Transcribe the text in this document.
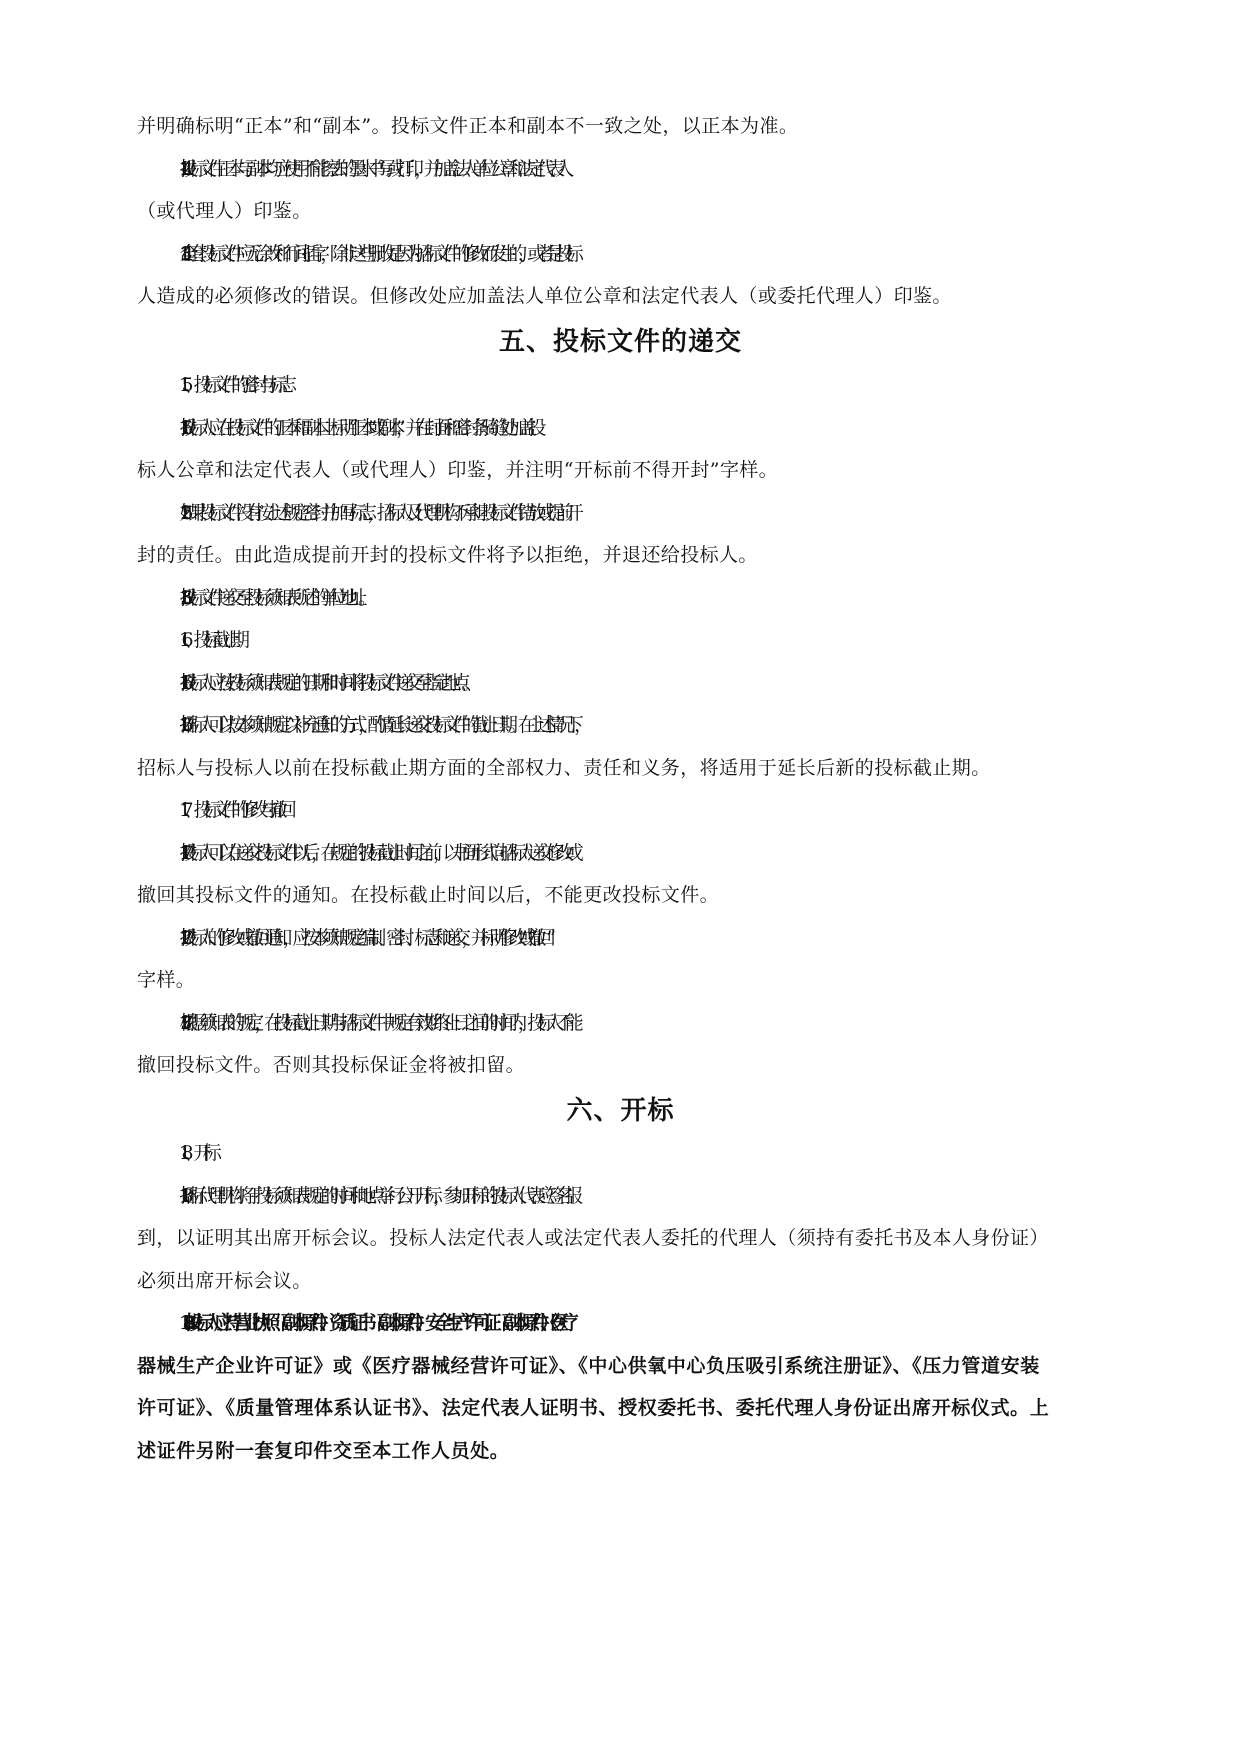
并明确标明“正本”和“副本”。投标文件正本和副本不一致之处，以正本为准。
14.2 投标文件正本与副本均应使用不能擦去的墨水书写或打印，并加盖法人单位公章和法定代表人
（或代理人）印鉴。
14.3 全套投标文件应无涂改和行间插字，除非这些删改是因为招标文件的修改而发生的，或者是投标
人造成的必须修改的错误。但修改处应加盖法人单位公章和法定代表人（或委托代理人）印鉴。
五、投标文件的递交
15、投标文件的密封与标志
15.1 投标人应在投标文件的正本和副本上标明“正本”或“副本”，并在封面和密封条骑缝处加盖投
标人公章和法定代表人（或代理人）印鉴，并注明“开标前不得开封”字样。
15.2 如果投标文件没有按上述规定密封并加写标志，招标人及代理机构不承担投标文件错放或提前开
封的责任。由此造成提前开封的投标文件将予以拒绝，并退还给投标人。
15.3 投标文件递交至投标须知表所述的单位地址。
16、投标截止期
16.1 投标人应按投标须知表规定的日期和时间将投标文件递交至指定地点。
16.2 招标人可以按本须知规定以补充通知的方式，酌情延长递交投标文件的截止日期。在上述情况下，
招标人与投标人以前在投标截止期方面的全部权力、责任和义务，将适用于延长后新的投标截止期。
17、投标文件的修改与撤回
17.1 投标人可以在递交投标文件以后，在规定的投标截止时间之前，以书面形式向招标人递交修改或
撤回其投标文件的通知。在投标截止时间以后，不能更改投标文件。
17.2 投标人的修改或撤回通知，应按本须知规定编制、密封、标志和递交，并标明“修改”或“撤回”
字样。
17.3 根据须知表的规定，在投标截止日期与招标文件中规定有效期终止日之间的时间内，投标人不能
撤回投标文件。否则其投标保证金将被扣留。
六、开标
18、开标
18.1 招标代理机构将于投标须知表规定的时间和地点举行公开开标，参加开标的投标人代表应签名报
到，以证明其出席开标会议。投标人法定代表人或法定代表人委托的代理人（须持有委托书及本人身份证）
必须出席开标会议。
18.2 投标人应持营业执照（副本原件）、资质证书（副本原件）、安全生产许可证（副本原件）、《医疗
器械生产企业许可证》或《医疗器械经营许可证》、《中心供氧中心负压吸引系统注册证》、《压力管道安装
许可证》、《质量管理体系认证书》、法定代表人证明书、授权委托书、委托代理人身份证出席开标仪式。上
述证件另附一套复印件交至本工作人员处。
